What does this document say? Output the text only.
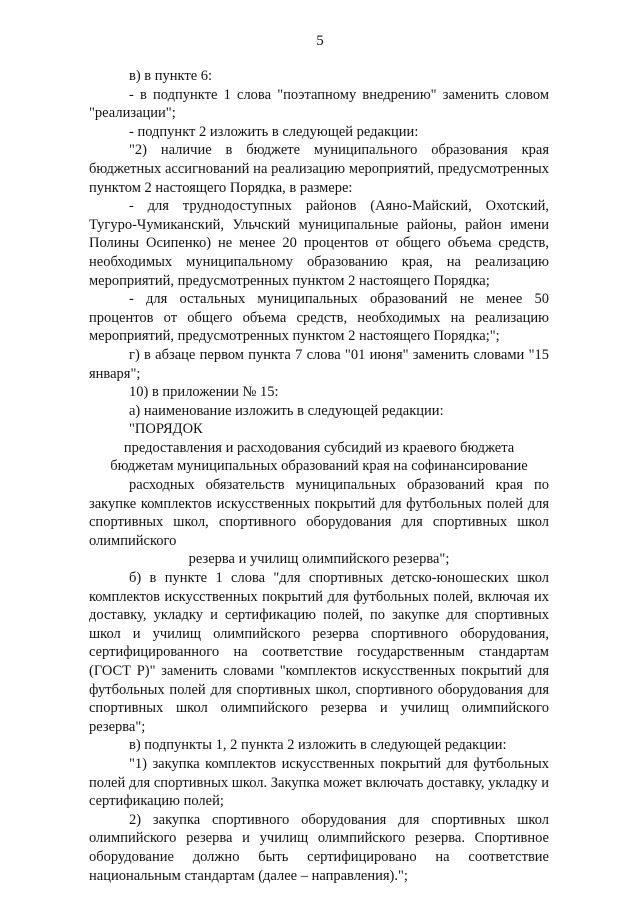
5

в) в пункте 6:

- в подпункте 1 слова "поэтапному внедрению" заменить словом "реализации";

- подпункт 2 изложить в следующей редакции:

"2) наличие в бюджете муниципального образования края бюджетных ассигнований на реализацию мероприятий, предусмотренных пунктом 2 настоящего Порядка, в размере:

- для труднодоступных районов (Аяно-Майский, Охотский, Тугуро-Чумиканский, Ульчский муниципальные районы, район имени Полины Осипенко) не менее 20 процентов от общего объема средств, необходимых муниципальному образованию края, на реализацию мероприятий, предусмотренных пунктом 2 настоящего Порядка;

- для остальных муниципальных образований не менее 50 процентов от общего объема средств, необходимых на реализацию мероприятий, предусмотренных пунктом 2 настоящего Порядка;";

г) в абзаце первом пункта 7 слова "01 июня" заменить словами "15 января";

10) в приложении № 15:

а) наименование изложить в следующей редакции:

"ПОРЯДОК

предоставления и расходования субсидий из краевого бюджета

бюджетам муниципальных образований края на софинансирование

расходных обязательств муниципальных образований края по закупке комплектов искусственных покрытий для футбольных полей для спортивных школ, спортивного оборудования для спортивных школ олимпийского

резерва и училищ олимпийского резерва";

б) в пункте 1 слова "для спортивных детско-юношеских школ комплектов искусственных покрытий для футбольных полей, включая их доставку, укладку и сертификацию полей, по закупке для спортивных школ и училищ олимпийского резерва спортивного оборудования, сертифицированного на соответствие государственным стандартам (ГОСТ Р)" заменить словами "комплектов искусственных покрытий для футбольных полей для спортивных школ, спортивного оборудования для спортивных школ олимпийского резерва и училищ олимпийского резерва";

в) подпункты 1, 2 пункта 2 изложить в следующей редакции:

"1) закупка комплектов искусственных покрытий для футбольных полей для спортивных школ. Закупка может включать доставку, укладку и сертификацию полей;

2) закупка спортивного оборудования для спортивных школ олимпийского резерва и училищ олимпийского резерва. Спортивное оборудование должно быть сертифицировано на соответствие национальным стандартам (далее – направления).";
